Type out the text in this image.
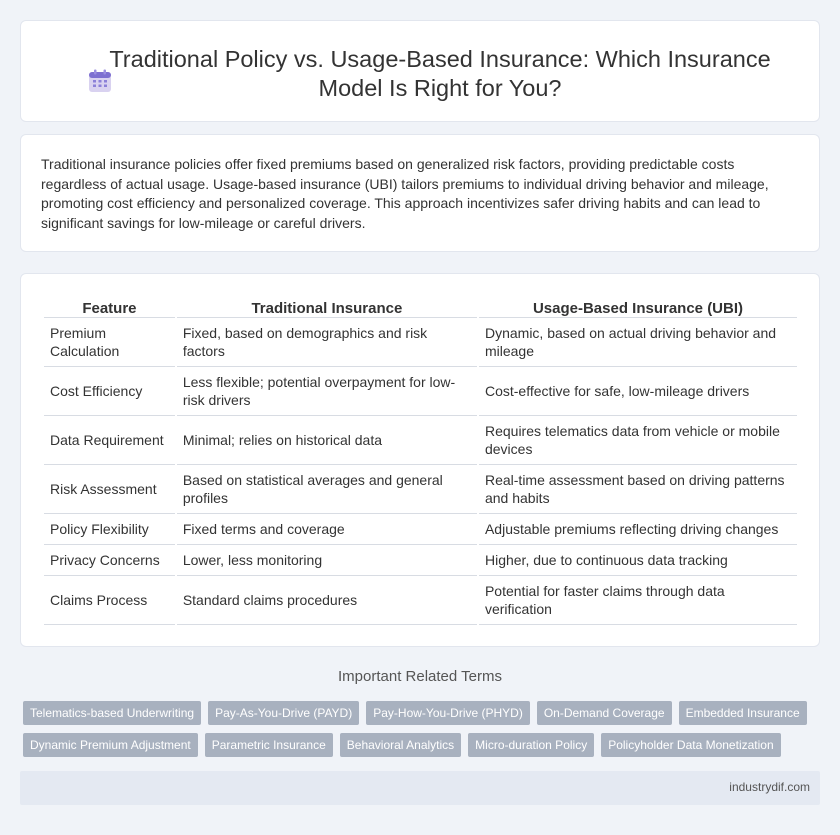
Traditional Policy vs. Usage-Based Insurance: Which Insurance Model Is Right for You?

Traditional insurance policies offer fixed premiums based on generalized risk factors, providing predictable costs regardless of actual usage. Usage-based insurance (UBI) tailors premiums to individual driving behavior and mileage, promoting cost efficiency and personalized coverage. This approach incentivizes safer driving habits and can lead to significant savings for low-mileage or careful drivers.

Feature	Traditional Insurance	Usage-Based Insurance (UBI)
Premium Calculation	Fixed, based on demographics and risk factors	Dynamic, based on actual driving behavior and mileage
Cost Efficiency	Less flexible; potential overpayment for low-risk drivers	Cost-effective for safe, low-mileage drivers
Data Requirement	Minimal; relies on historical data	Requires telematics data from vehicle or mobile devices
Risk Assessment	Based on statistical averages and general profiles	Real-time assessment based on driving patterns and habits
Policy Flexibility	Fixed terms and coverage	Adjustable premiums reflecting driving changes
Privacy Concerns	Lower, less monitoring	Higher, due to continuous data tracking
Claims Process	Standard claims procedures	Potential for faster claims through data verification
Important Related Terms
Telematics-based Underwriting	Pay-As-You-Drive (PAYD)	Pay-How-You-Drive (PHYD)	On-Demand Coverage	Embedded Insurance
Dynamic Premium Adjustment	Parametric Insurance	Behavioral Analytics	Micro-duration Policy	Policyholder Data Monetization
industrydif.com
